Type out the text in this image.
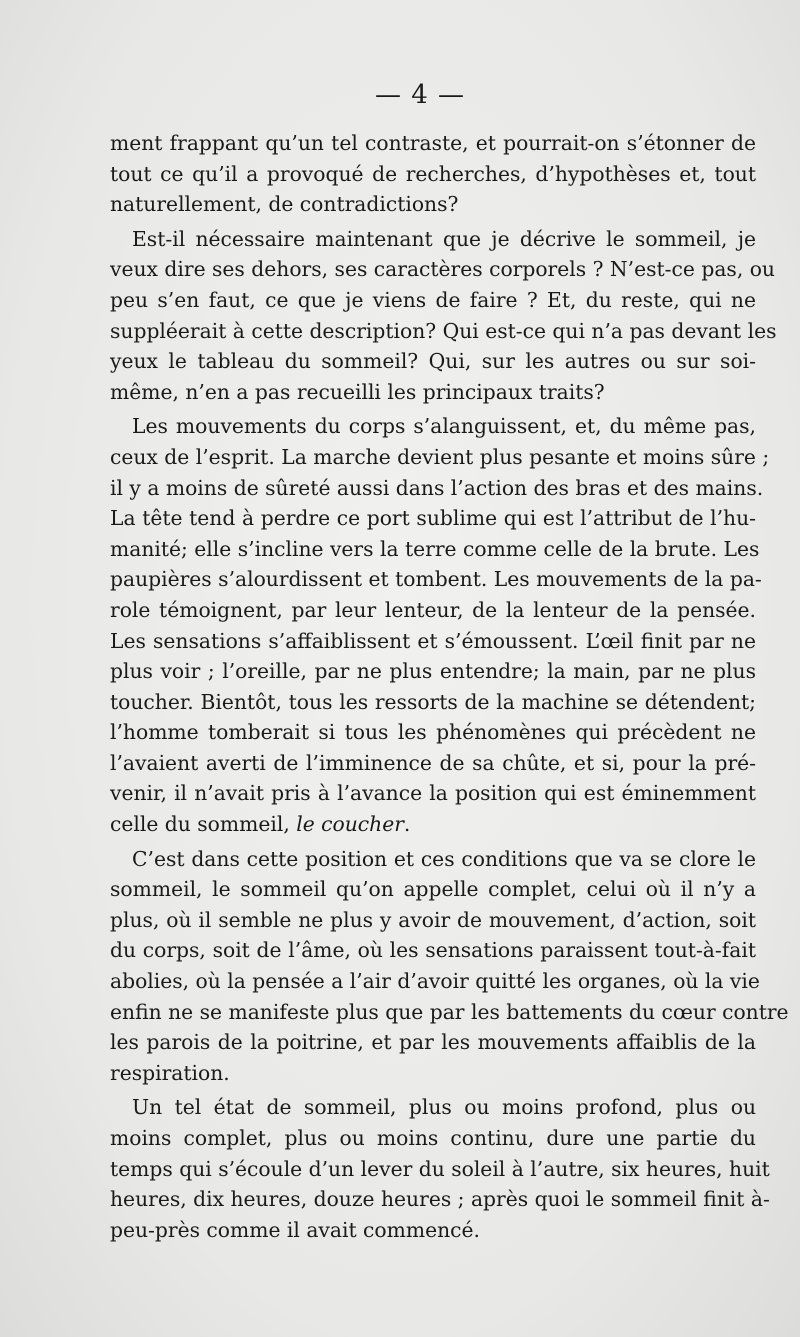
— 4 —

ment frappant qu’un tel contraste, et pourrait-on s’étonner de
tout ce qu’il a provoqué de recherches, d’hypothèses et, tout
naturellement, de contradictions?

Est-il nécessaire maintenant que je décrive le sommeil, je
veux dire ses dehors, ses caractères corporels ? N’est-ce pas, ou
peu s’en faut, ce que je viens de faire ? Et, du reste, qui ne
suppléerait à cette description? Qui est-ce qui n’a pas devant les
yeux le tableau du sommeil? Qui, sur les autres ou sur soi-
même, n’en a pas recueilli les principaux traits?

Les mouvements du corps s’alanguissent, et, du même pas,
ceux de l’esprit. La marche devient plus pesante et moins sûre ;
il y a moins de sûreté aussi dans l’action des bras et des mains.
La tête tend à perdre ce port sublime qui est l’attribut de l’hu-
manité; elle s’incline vers la terre comme celle de la brute. Les
paupières s’alourdissent et tombent. Les mouvements de la pa-
role témoignent, par leur lenteur, de la lenteur de la pensée.
Les sensations s’affaiblissent et s’émoussent. L’œil finit par ne
plus voir ; l’oreille, par ne plus entendre; la main, par ne plus
toucher. Bientôt, tous les ressorts de la machine se détendent;
l’homme tomberait si tous les phénomènes qui précèdent ne
l’avaient averti de l’imminence de sa chûte, et si, pour la pré-
venir, il n’avait pris à l’avance la position qui est éminemment
celle du sommeil, le coucher.

C’est dans cette position et ces conditions que va se clore le
sommeil, le sommeil qu’on appelle complet, celui où il n’y a
plus, où il semble ne plus y avoir de mouvement, d’action, soit
du corps, soit de l’âme, où les sensations paraissent tout-à-fait
abolies, où la pensée a l’air d’avoir quitté les organes, où la vie
enfin ne se manifeste plus que par les battements du cœur contre
les parois de la poitrine, et par les mouvements affaiblis de la
respiration.

Un tel état de sommeil, plus ou moins profond, plus ou
moins complet, plus ou moins continu, dure une partie du
temps qui s’écoule d’un lever du soleil à l’autre, six heures, huit
heures, dix heures, douze heures ; après quoi le sommeil finit à-
peu-près comme il avait commencé.
